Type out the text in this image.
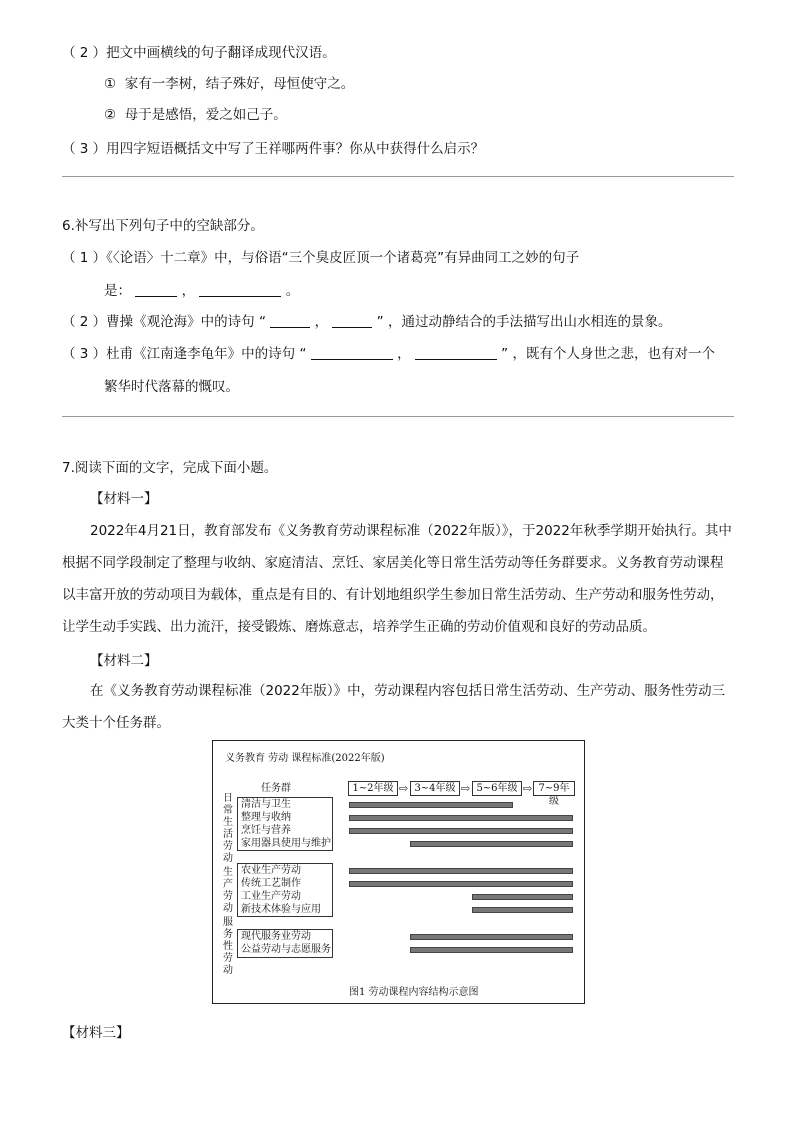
（ 2 ）把文中画横线的句子翻译成现代汉语。
① 家有一李树，结子殊好，母恒使守之。
② 母于是感悟，爱之如己子。
（ 3 ）用四字短语概括文中写了王祥哪两件事？你从中获得什么启示？
6.补写出下列句子中的空缺部分。
（ 1 ）《〈论语〉十二章》中，与俗语“三个臭皮匠顶一个诸葛亮”有异曲同工之妙的句子
是：	，	。
（ 2 ）曹操《观沧海》中的诗句 “	，	” ，通过动静结合的手法描写出山水相连的景象。
（ 3 ）杜甫《江南逢李龟年》中的诗句 “	，	” ，既有个人身世之悲，也有对一个
繁华时代落幕的慨叹。
7.阅读下面的文字，完成下面小题。
【材料一】
2022年4月21日，教育部发布《义务教育劳动课程标准（2022年版）》，于2022年秋季学期开始执行。其中根据不同学段制定了整理与收纳、家庭清洁、烹饪、家居美化等日常生活劳动等任务群要求。义务教育劳动课程以丰富开放的劳动项目为载体，重点是有目的、有计划地组织学生参加日常生活劳动、生产劳动和服务性劳动，让学生动手实践、出力流汗，接受锻炼、磨炼意志，培养学生正确的劳动价值观和良好的劳动品质。
【材料二】
在《义务教育劳动课程标准（2022年版）》中，劳动课程内容包括日常生活劳动、生产劳动、服务性劳动三大类十个任务群。
义务教育 劳动 课程标准(2022年版)
任务群	1~2年级 ⇨ 3~4年级 ⇨ 5~6年级 ⇨ 7~9年级
日常生活劳动
清洁与卫生
整理与收纳
烹饪与营养
家用器具使用与维护
生产劳动
农业生产劳动
传统工艺制作
工业生产劳动
新技术体验与应用
服务性劳动
现代服务业劳动
公益劳动与志愿服务
图1 劳动课程内容结构示意图
【材料三】
